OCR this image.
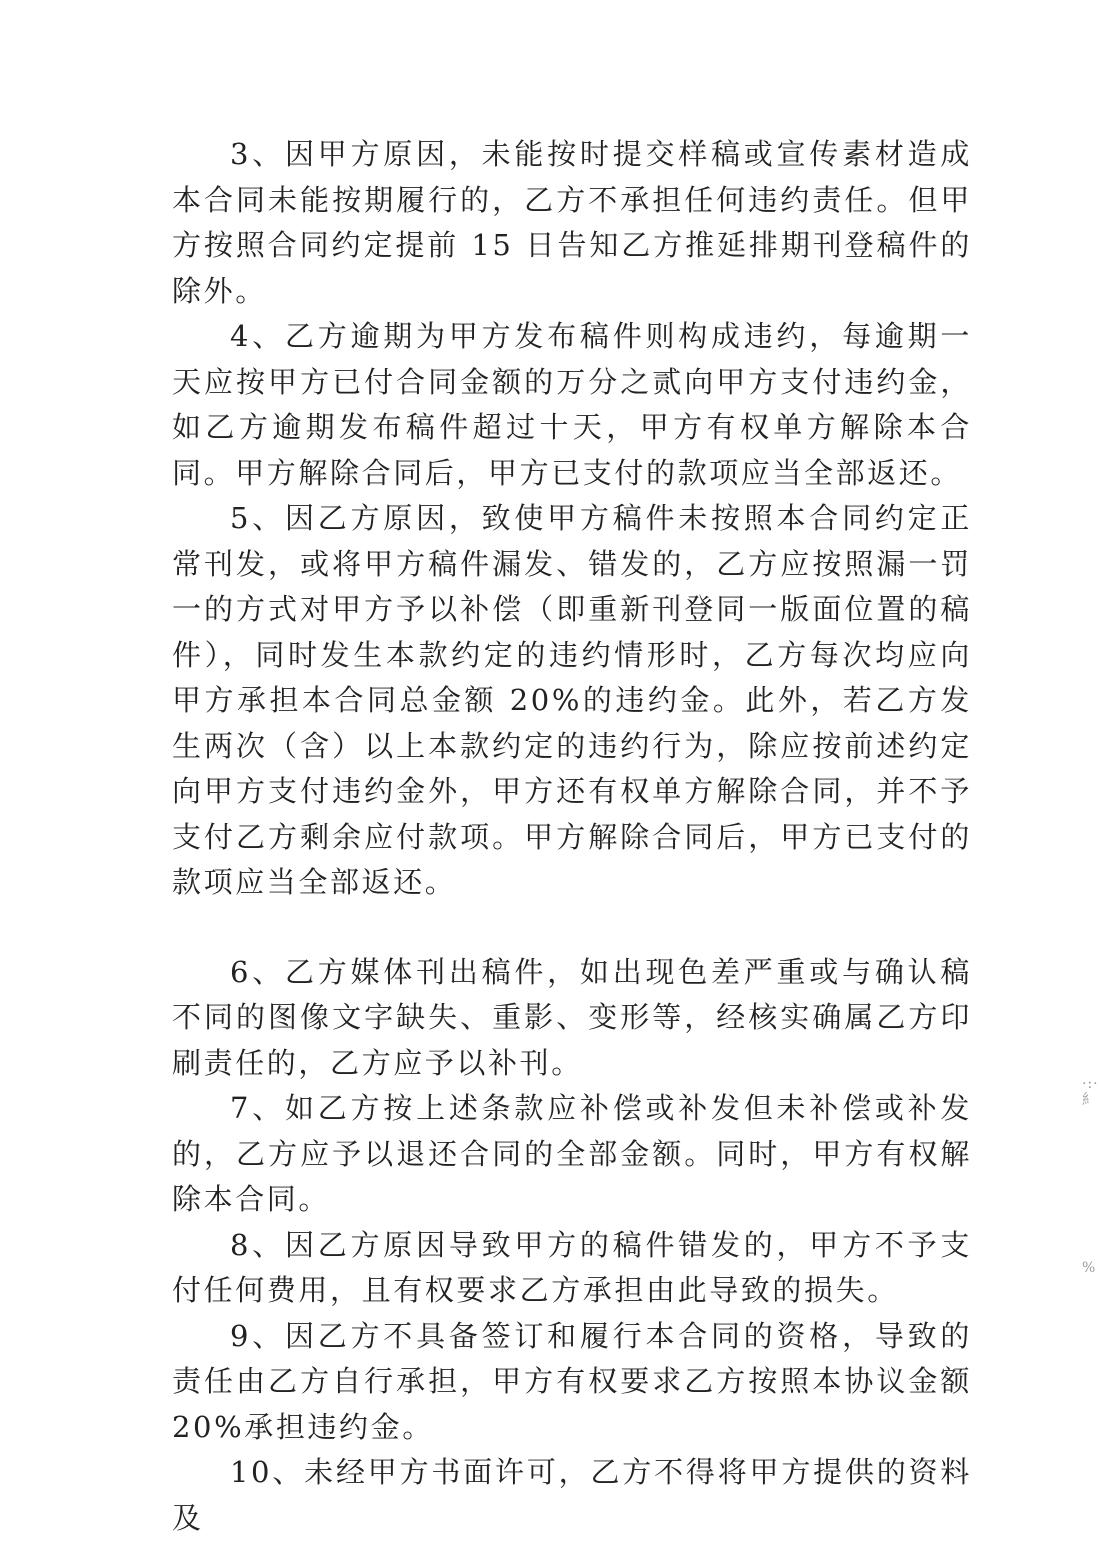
3、因甲方原因，未能按时提交样稿或宣传素材造成本合同未能按期履行的，乙方不承担任何违约责任。但甲方按照合同约定提前 15 日告知乙方推延排期刊登稿件的除外。

4、乙方逾期为甲方发布稿件则构成违约，每逾期一天应按甲方已付合同金额的万分之贰向甲方支付违约金，如乙方逾期发布稿件超过十天，甲方有权单方解除本合同。甲方解除合同后，甲方已支付的款项应当全部返还。

5、因乙方原因，致使甲方稿件未按照本合同约定正常刊发，或将甲方稿件漏发、错发的，乙方应按照漏一罚一的方式对甲方予以补偿（即重新刊登同一版面位置的稿件），同时发生本款约定的违约情形时，乙方每次均应向甲方承担本合同总金额 20%的违约金。此外，若乙方发生两次（含）以上本款约定的违约行为，除应按前述约定向甲方支付违约金外，甲方还有权单方解除合同，并不予支付乙方剩余应付款项。甲方解除合同后，甲方已支付的款项应当全部返还。

6、乙方媒体刊出稿件，如出现色差严重或与确认稿不同的图像文字缺失、重影、变形等，经核实确属乙方印刷责任的，乙方应予以补刊。

7、如乙方按上述条款应补偿或补发但未补偿或补发的，乙方应予以退还合同的全部金额。同时，甲方有权解除本合同。

8、因乙方原因导致甲方的稿件错发的，甲方不予支付任何费用，且有权要求乙方承担由此导致的损失。

9、因乙方不具备签订和履行本合同的资格，导致的责任由乙方自行承担，甲方有权要求乙方按照本协议金额 20%承担违约金。

10、未经甲方书面许可，乙方不得将甲方提供的资料及

·:· ⺯
%
